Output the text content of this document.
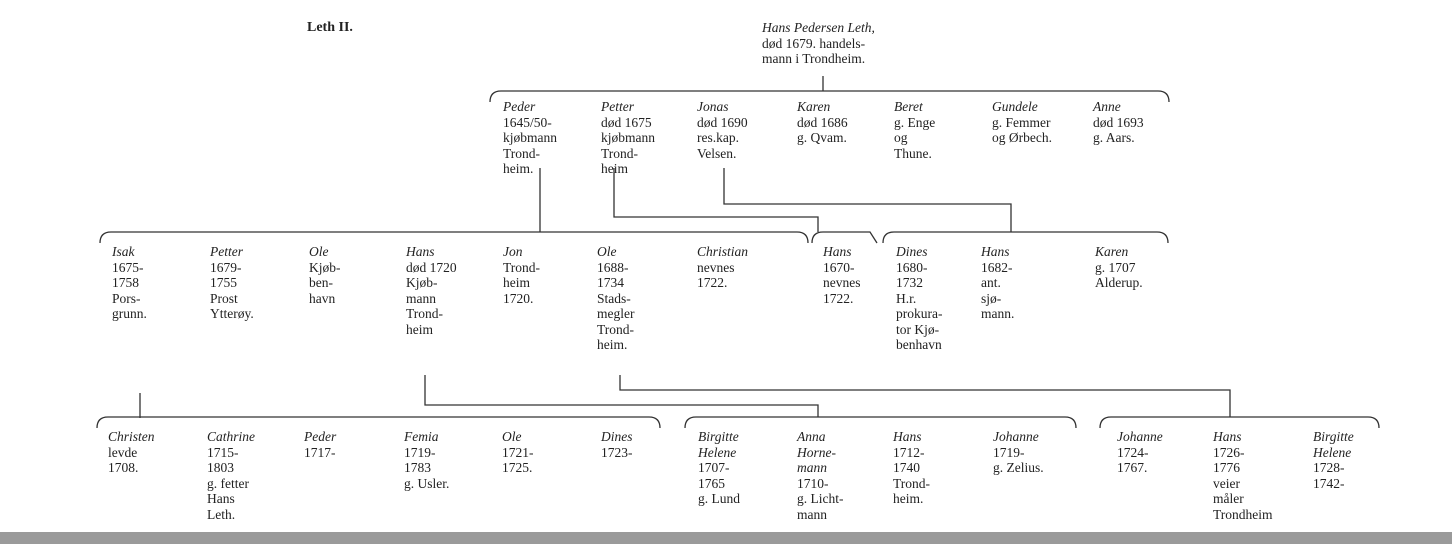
Leth II.	Hans Pedersen Leth,
død 1679. handels-
mann i Trondheim.
Peder
1645/50-
kjøbmann
Trond-
heim.
Petter
død 1675
kjøbmann
Trond-
heim
Jonas
død 1690
res.kap.
Velsen.
Karen
død 1686
g. Qvam.
Beret
g. Enge
og
Thune.
Gundele
g. Femmer
og Ørbech.
Anne
død 1693
g. Aars.
Isak
1675-
1758
Pors-
grunn.
Petter
1679-
1755
Prost
Ytterøy.
Ole
Kjøb-
ben-
havn
Hans
død 1720
Kjøb-
mann
Trond-
heim
Jon
Trond-
heim
1720.
Ole
1688-
1734
Stads-
megler
Trond-
heim.
Christian
nevnes
1722.
Hans
1670-
nevnes
1722.
Dines
1680-
1732
H.r.
prokura-
tor Kjø-
benhavn
Hans
1682-
ant.
sjø-
mann.
Karen
g. 1707
Alderup.
Christen
levde
1708.
Cathrine
1715-
1803
g. fetter
Hans
Leth.
Peder
1717-
Femia
1719-
1783
g. Usler.
Ole
1721-
1725.
Dines
1723-
Birgitte
Helene
1707-
1765
g. Lund
Anna
Horne-
mann
1710-
g. Licht-
mann
Hans
1712-
1740
Trond-
heim.
Johanne
1719-
g. Zelius.
Johanne
1724-
1767.
Hans
1726-
1776
veier
måler
Trondheim
Birgitte
Helene
1728-
1742-
